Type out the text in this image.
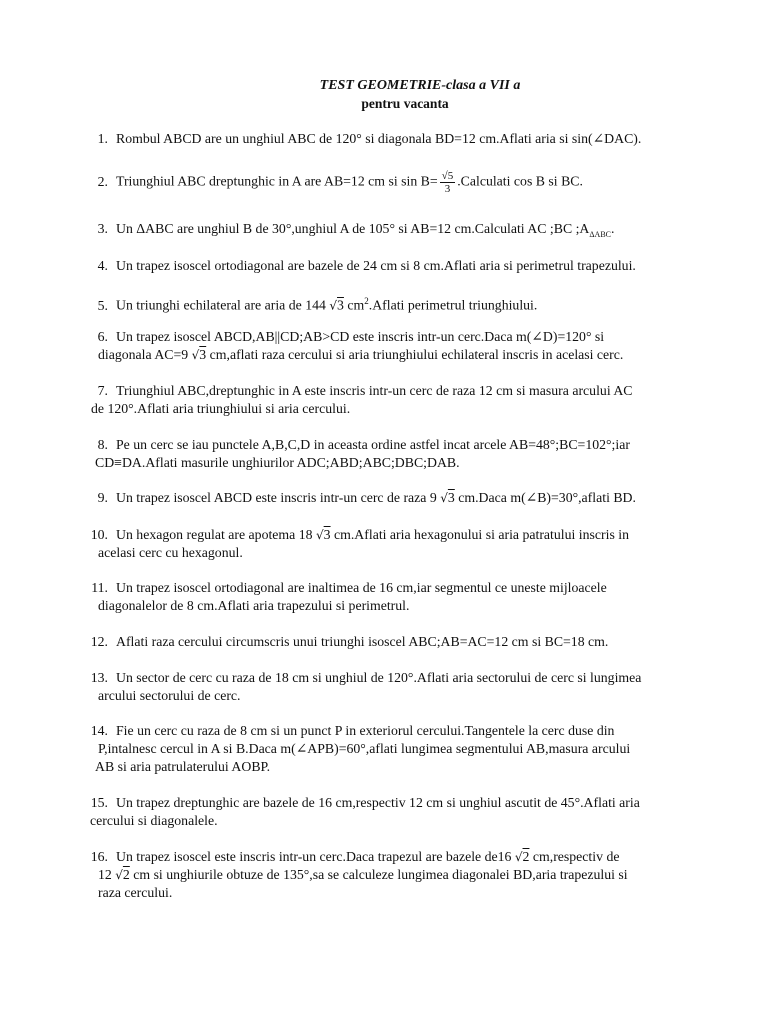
TEST GEOMETRIE-clasa a VII a
pentru vacanta
1. Rombul ABCD are un unghiul ABC de 120° si diagonala BD=12 cm.Aflati aria si sin(∠DAC).
2. Triunghiul ABC dreptunghic in A are AB=12 cm si $\sin B= \frac{√5}{3}$ .Calculati cos B si BC.
3. Un ΔABC are unghiul B de 30°,unghiul A de 105° si AB=12 cm.Calculati AC ;BC $;A_{\Delta ABC}$.
4. Un trapez isoscel ortodiagonal are bazele de 24 cm si 8 cm.Aflati aria si perimetrul trapezului.
5. Un triunghi echilateral are aria de 144 √3 $cm^2.Aflati$ perimetrul triunghiului.
6. Un trapez isoscel ABCD,AB||CD;AB>CD este inscris intr-un cerc.Daca m(∠D)=120° si
diagonala AC=9 √3 cm,aflati raza cercului si aria triunghiului echilateral inscris in acelasi cerc.
7. Triunghiul ABC,dreptunghic in A este inscris intr-un cerc de raza 12 cm si masura arcului AC
de 120°.Aflati aria triunghiului si aria cercului.
8. Pe un cerc se iau punctele A,B,C,D in aceasta ordine astfel incat arcele AB=48°;BC=102°;iar
CD≡DA.Aflati masurile unghiurilor ADC;ABD;ABC;DBC;DAB.
9. Un trapez isoscel ABCD este inscris intr-un cerc de raza 9 √3 cm.Daca m(∠B)=30°,aflati BD.
10. Un hexagon regulat are apotema 18 √3 cm.Aflati aria hexagonului si aria patratului inscris in
acelasi cerc cu hexagonul.
11. Un trapez isoscel ortodiagonal are inaltimea de 16 cm,iar segmentul ce uneste mijloacele
diagonalelor de 8 cm.Aflati aria trapezului si perimetrul.
12. Aflati raza cercului circumscris unui triunghi isoscel ABC;AB=AC=12 cm si BC=18 cm.
13. Un sector de cerc cu raza de 18 cm si unghiul de 120°.Aflati aria sectorului de cerc si lungimea
arcului sectorului de cerc.
14. Fie un cerc cu raza de 8 cm si un punct P in exteriorul cercului.Tangentele la cerc duse din
P,intalnesc cercul in A si B.Daca m(∠APB)=60°,aflati lungimea segmentului AB,masura arcului
AB si aria patrulaterului AOBP.
15. Un trapez dreptunghic are bazele de 16 cm,respectiv 12 cm si unghiul ascutit de 45°.Aflati aria
cercului si diagonalele.
16. Un trapez isoscel este inscris intr-un cerc.Daca trapezul are bazele de16 √2 cm,respectiv de
12 √2 cm si unghiurile obtuze de 135°,sa se calculeze lungimea diagonalei BD,aria trapezului si
raza cercului.
